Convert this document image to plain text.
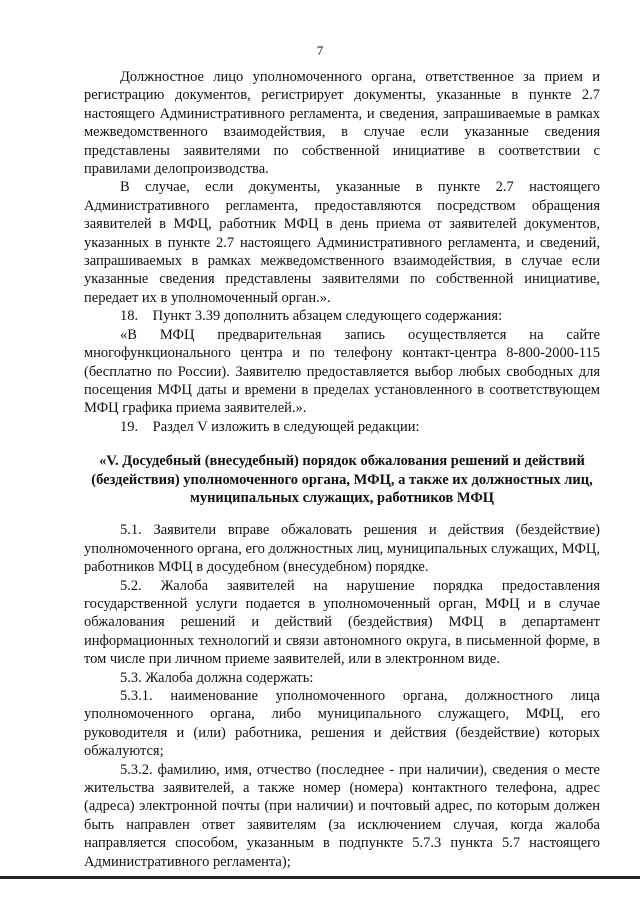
7

Должностное лицо уполномоченного органа, ответственное за прием и регистрацию документов, регистрирует документы, указанные в пункте 2.7 настоящего Административного регламента, и сведения, запрашиваемые в рамках межведомственного взаимодействия, в случае если указанные сведения представлены заявителями по собственной инициативе в соответствии с правилами делопроизводства.

В случае, если документы, указанные в пункте 2.7 настоящего Административного регламента, предоставляются посредством обращения заявителей в МФЦ, работник МФЦ в день приема от заявителей документов, указанных в пункте 2.7 настоящего Административного регламента, и сведений, запрашиваемых в рамках межведомственного взаимодействия, в случае если указанные сведения представлены заявителями по собственной инициативе, передает их в уполномоченный орган.».

18.    Пункт 3.39 дополнить абзацем следующего содержания:

«В МФЦ предварительная запись осуществляется на сайте многофункционального центра и по телефону контакт-центра 8-800-2000-115 (бесплатно по России). Заявителю предоставляется выбор любых свободных для посещения МФЦ даты и времени в пределах установленного в соответствующем МФЦ графика приема заявителей.».

19.    Раздел V изложить в следующей редакции:

«V. Досудебный (внесудебный) порядок обжалования решений и действий
(бездействия) уполномоченного органа, МФЦ, а также их должностных лиц,
муниципальных служащих, работников МФЦ

5.1. Заявители вправе обжаловать решения и действия (бездействие) уполномоченного органа, его должностных лиц, муниципальных служащих, МФЦ, работников МФЦ в досудебном (внесудебном) порядке.

5.2. Жалоба заявителей на нарушение порядка предоставления государственной услуги подается в уполномоченный орган, МФЦ и в случае обжалования решений и действий (бездействия) МФЦ в департамент информационных технологий и связи автономного округа, в письменной форме, в том числе при личном приеме заявителей, или в электронном виде.

5.3. Жалоба должна содержать:

5.3.1. наименование уполномоченного органа, должностного лица уполномоченного органа, либо муниципального служащего, МФЦ, его руководителя и (или) работника, решения и действия (бездействие) которых обжалуются;

5.3.2. фамилию, имя, отчество (последнее - при наличии), сведения о месте жительства заявителей, а также номер (номера) контактного телефона, адрес (адреса) электронной почты (при наличии) и почтовый адрес, по которым должен быть направлен ответ заявителям (за исключением случая, когда жалоба направляется способом, указанным в подпункте 5.7.3 пункта 5.7 настоящего Административного регламента);
